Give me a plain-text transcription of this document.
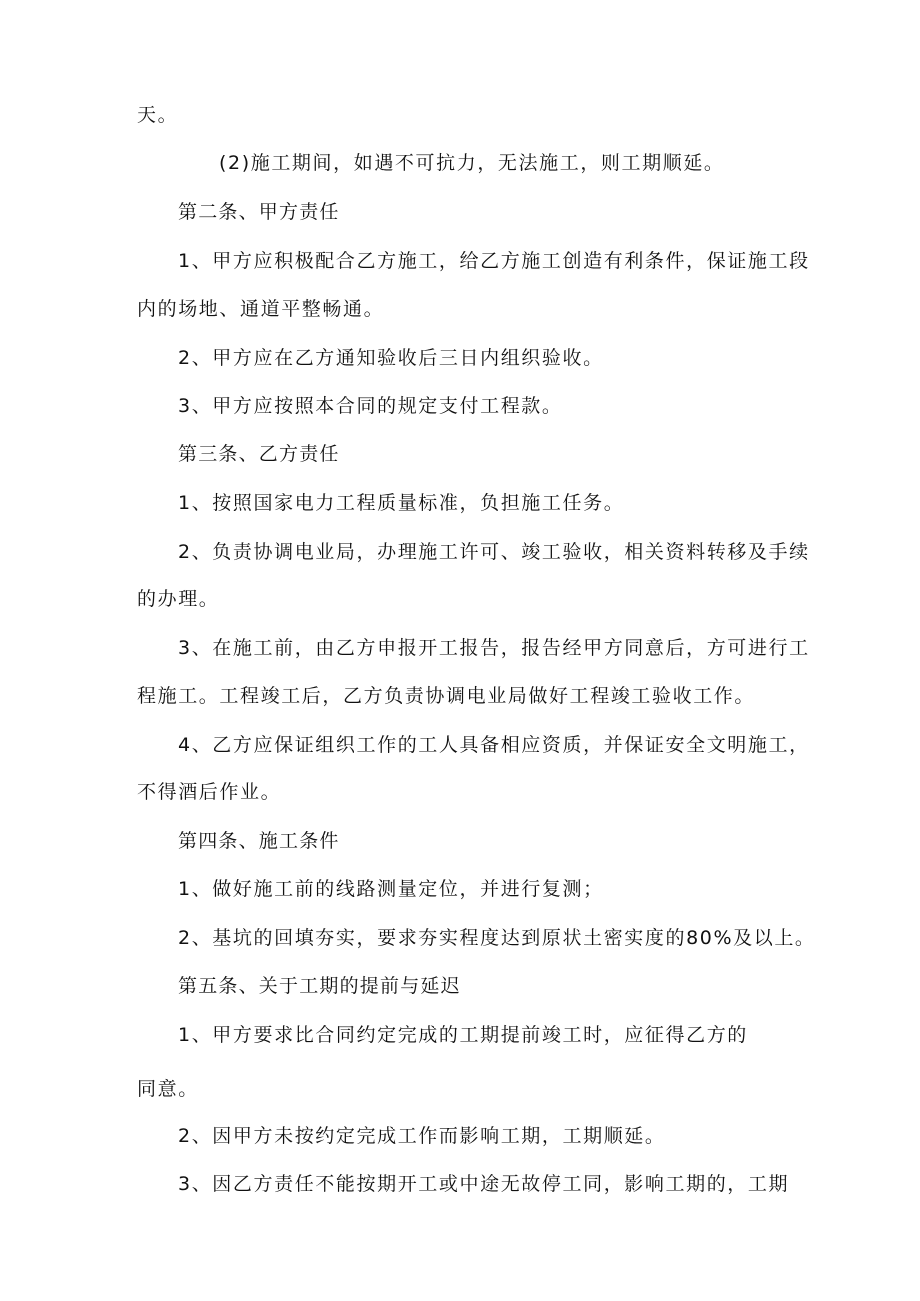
天。
(2)施工期间，如遇不可抗力，无法施工，则工期顺延。
第二条、甲方责任
1、甲方应积极配合乙方施工，给乙方施工创造有利条件，保证施工段
内的场地、通道平整畅通。
2、甲方应在乙方通知验收后三日内组织验收。
3、甲方应按照本合同的规定支付工程款。
第三条、乙方责任
1、按照国家电力工程质量标准，负担施工任务。
2、负责协调电业局，办理施工许可、竣工验收，相关资料转移及手续
的办理。
3、在施工前，由乙方申报开工报告，报告经甲方同意后，方可进行工
程施工。工程竣工后，乙方负责协调电业局做好工程竣工验收工作。
4、乙方应保证组织工作的工人具备相应资质，并保证安全文明施工，
不得酒后作业。
第四条、施工条件
1、做好施工前的线路测量定位，并进行复测；
2、基坑的回填夯实，要求夯实程度达到原状土密实度的80%及以上。
第五条、关于工期的提前与延迟
1、甲方要求比合同约定完成的工期提前竣工时，应征得乙方的
同意。
2、因甲方未按约定完成工作而影响工期，工期顺延。
3、因乙方责任不能按期开工或中途无故停工同，影响工期的，工期
